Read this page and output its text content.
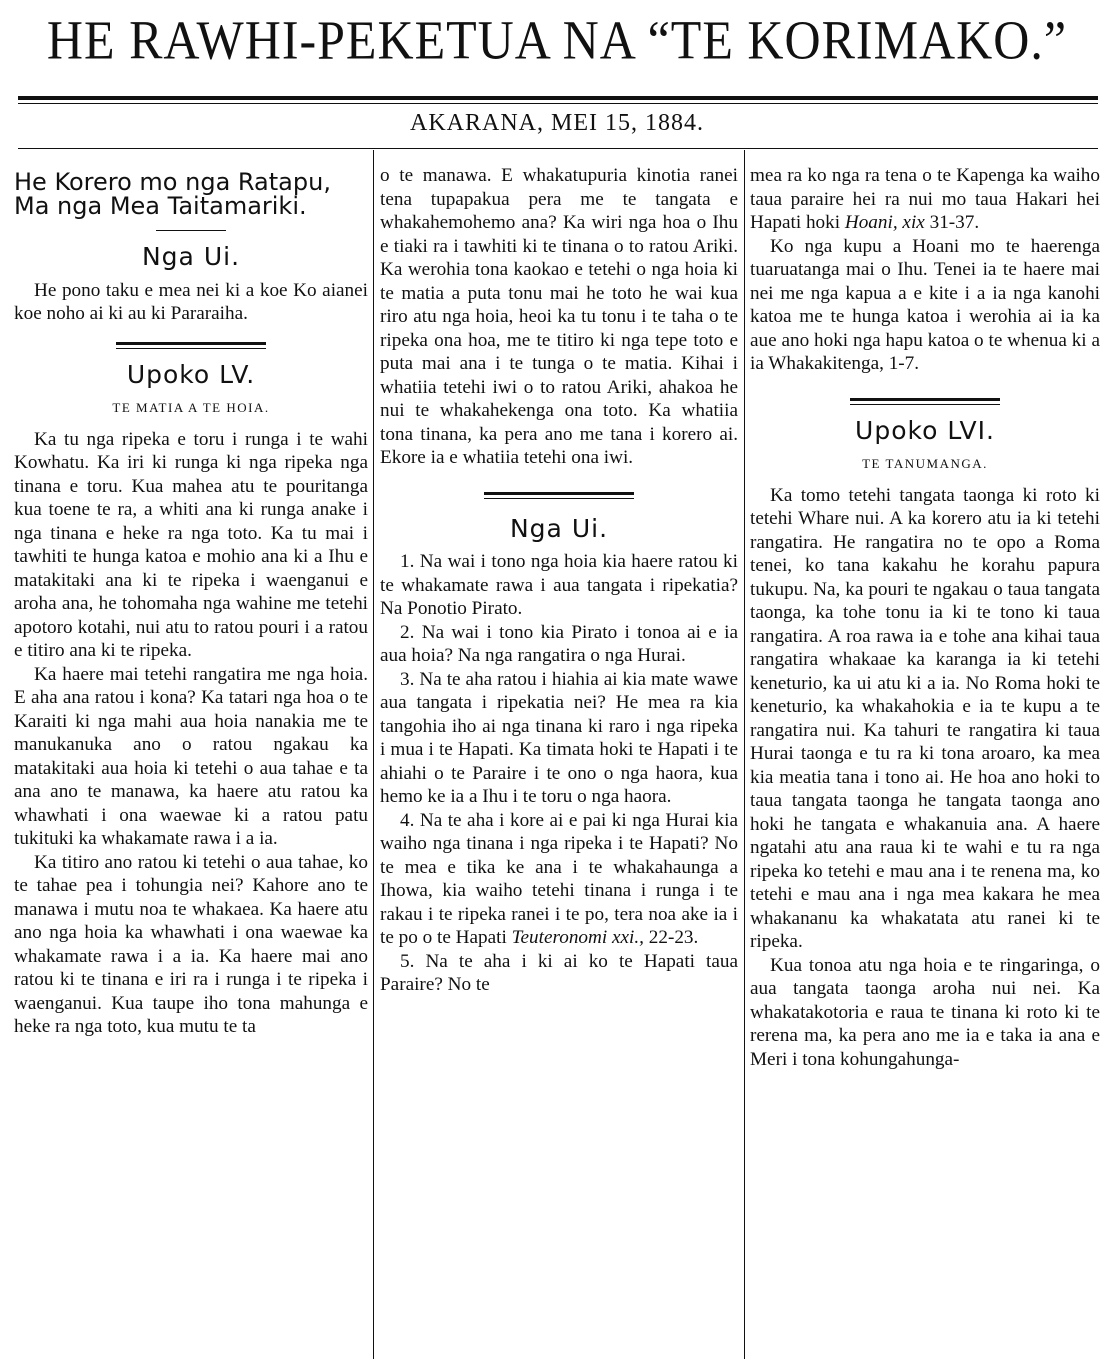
HE RAWHI-PEKETUA NA “TE KORIMAKO.”
AKARANA, MEI 15, 1884.
He Korero mo nga Ratapu, Ma nga Mea Taitamariki.
Nga Ui.

He pono taku e mea nei ki a koe Ko aianei koe noho ai ki au ki Pararaiha.

Upoko LV.
TE MATIA A TE HOIA.

Ka tu nga ripeka e toru i runga i te wahi Kowhatu. Ka iri ki runga ki nga ripeka nga tinana e toru. Kua mahea atu te pouritanga kua toene te ra, a whiti ana ki runga anake i nga tinana e heke ra nga toto. Ka tu mai i tawhiti te hunga katoa e mohio ana ki a Ihu e matakitaki ana ki te ripeka i waenganui e aroha ana, he tohomaha nga wahine me tetehi apotoro kotahi, nui atu to ratou pouri i a ratou e titiro ana ki te ripeka.

Ka haere mai tetehi rangatira me nga hoia. E aha ana ratou i kona? Ka tatari nga hoa o te Karaiti ki nga mahi aua hoia nanakia me te manukanuka ano o ratou ngakau ka matakitaki aua hoia ki tetehi o aua tahae e ta ana ano te manawa, ka haere atu ratou ka whawhati i ona waewae ki a ratou patu tukituki ka whakamate rawa i a ia.

Ka titiro ano ratou ki tetehi o aua tahae, ko te tahae pea i tohungia nei? Kahore ano te manawa i mutu noa te whakaea. Ka haere atu ano nga hoia ka whawhati i ona waewae ka whakamate rawa i a ia. Ka haere mai ano ratou ki te tinana e iri ra i runga i te ripeka i waenganui. Kua taupe iho tona mahunga e heke ra nga toto, kua mutu te ta

o te manawa. E whakatupuria kinotia ranei tena tupapakua pera me te tangata e whakahemohemo ana? Ka wiri nga hoa o Ihu e tiaki ra i tawhiti ki te tinana o to ratou Ariki. Ka werohia tona kaokao e tetehi o nga hoia ki te matia a puta tonu mai he toto he wai kua riro atu nga hoia, heoi ka tu tonu i te taha o te ripeka ona hoa, me te titiro ki nga tepe toto e puta mai ana i te tunga o te matia. Kihai i whatiia tetehi iwi o to ratou Ariki, ahakoa he nui te whakahekenga ona toto. Ka whatiia tona tinana, ka pera ano me tana i korero ai. Ekore ia e whatiia tetehi ona iwi.

Nga Ui.

1. Na wai i tono nga hoia kia haere ratou ki te whakamate rawa i aua tangata i ripekatia? Na Ponotio Pirato.

2. Na wai i tono kia Pirato i tonoa ai e ia aua hoia? Na nga rangatira o nga Hurai.

3. Na te aha ratou i hiahia ai kia mate wawe aua tangata i ripekatia nei? He mea ra kia tangohia iho ai nga tinana ki raro i nga ripeka i mua i te Hapati. Ka timata hoki te Hapati i te ahiahi o te Paraire i te ono o nga haora, kua hemo ke ia a Ihu i te toru o nga haora.

4. Na te aha i kore ai e pai ki nga Hurai kia waiho nga tinana i nga ripeka i te Hapati? No te mea e tika ke ana i te whakahaunga a Ihowa, kia waiho tetehi tinana i runga i te rakau i te ripeka ranei i te po, tera noa ake ia i te po o te Hapati Teuteronomi xxi., 22-23.

5. Na te aha i ki ai ko te Hapati taua Paraire? No te

mea ra ko nga ra tena o te Kapenga ka waiho taua paraire hei ra nui mo taua Hakari hei Hapati hoki Hoani, xix 31-37.

Ko nga kupu a Hoani mo te haerenga tuaruatanga mai o Ihu. Tenei ia te haere mai nei me nga kapua a e kite i a ia nga kanohi katoa me te hunga katoa i werohia ai ia ka aue ano hoki nga hapu katoa o te whenua ki a ia Whakakitenga, 1-7.

Upoko LVI.
TE TANUMANGA.

Ka tomo tetehi tangata taonga ki roto ki tetehi Whare nui. A ka korero atu ia ki tetehi rangatira. He rangatira no te opo a Roma tenei, ko tana kakahu he korahu papura tukupu. Na, ka pouri te ngakau o taua tangata taonga, ka tohe tonu ia ki te tono ki taua rangatira. A roa rawa ia e tohe ana kihai taua rangatira whakaae ka karanga ia ki tetehi keneturio, ka ui atu ki a ia. No Roma hoki te keneturio, ka whakahokia e ia te kupu a te rangatira nui. Ka tahuri te rangatira ki taua Hurai taonga e tu ra ki tona aroaro, ka mea kia meatia tana i tono ai. He hoa ano hoki to taua tangata taonga he tangata taonga ano hoki he tangata e whakanuia ana. A haere ngatahi atu ana raua ki te wahi e tu ra nga ripeka ko tetehi e mau ana i te renena ma, ko tetehi e mau ana i nga mea kakara he mea whakananu ka whakatata atu ranei ki te ripeka.

Kua tonoa atu nga hoia e te ringaringa, o aua tangata taonga aroha nui nei. Ka whakatakotoria e raua te tinana ki roto ki te rerena ma, ka pera ano me ia e taka ia ana e Meri i tona kohungahunga-
